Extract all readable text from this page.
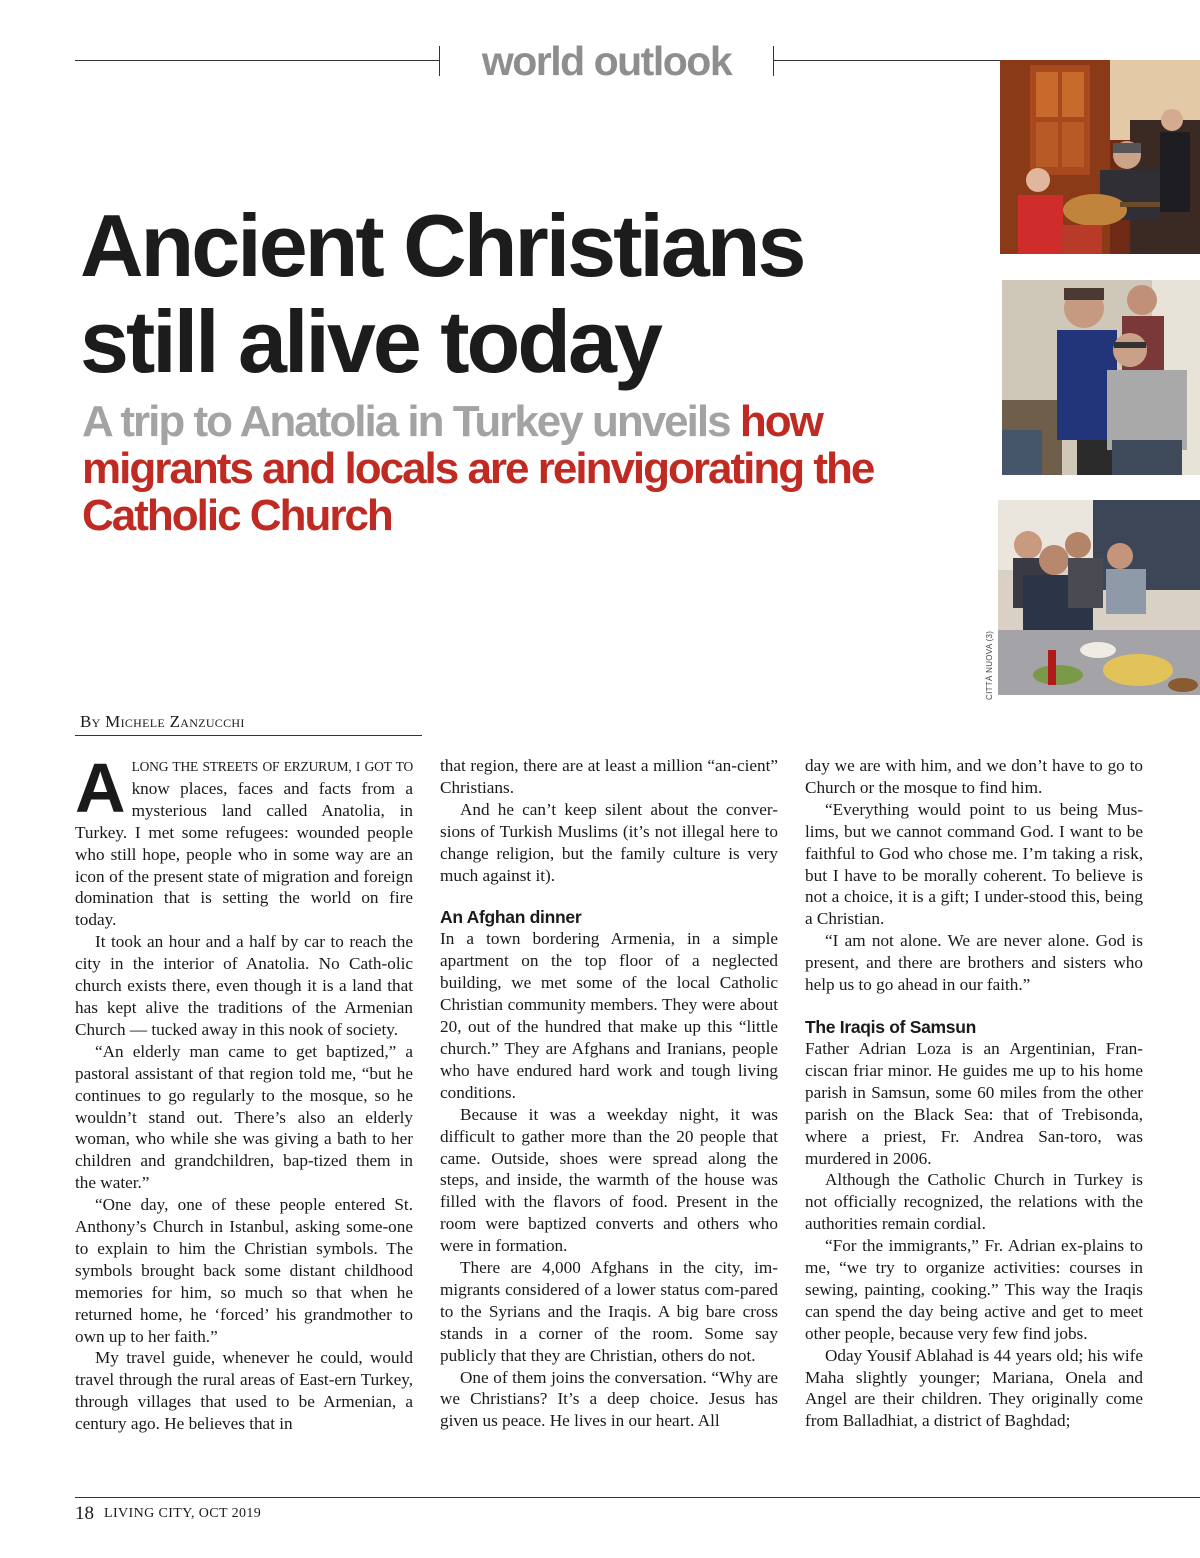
world outlook
Ancient Christians
still alive today
A trip to Anatolia in Turkey unveils how migrants and locals are reinvigorating the Catholic Church
CITTÀ NUOVA (3)
By Michele Zanzucchi

ALONG THE STREETS OF ERZURUM, I GOT TO know places, faces and facts from a mysterious land called Anatolia, in Turkey. I met some refugees: wounded people who still hope, people who in some way are an icon of the present state of migration and foreign domination that is setting the world on fire today.

It took an hour and a half by car to reach the city in the interior of Anatolia. No Cath-olic church exists there, even though it is a land that has kept alive the traditions of the Armenian Church — tucked away in this nook of society.

“An elderly man came to get baptized,” a pastoral assistant of that region told me, “but he continues to go regularly to the mosque, so he wouldn’t stand out. There’s also an elderly woman, who while she was giving a bath to her children and grandchildren, bap-tized them in the water.”

“One day, one of these people entered St. Anthony’s Church in Istanbul, asking some-one to explain to him the Christian symbols. The symbols brought back some distant childhood memories for him, so much so that when he returned home, he ‘forced’ his grandmother to own up to her faith.”

My travel guide, whenever he could, would travel through the rural areas of East-ern Turkey, through villages that used to be Armenian, a century ago. He believes that in

that region, there are at least a million “an-cient” Christians.

And he can’t keep silent about the conver-sions of Turkish Muslims (it’s not illegal here to change religion, but the family culture is very much against it).

An Afghan dinner

In a town bordering Armenia, in a simple apartment on the top floor of a neglected building, we met some of the local Catholic Christian community members. They were about 20, out of the hundred that make up this “little church.” They are Afghans and Iranians, people who have endured hard work and tough living conditions.

Because it was a weekday night, it was difficult to gather more than the 20 people that came. Outside, shoes were spread along the steps, and inside, the warmth of the house was filled with the flavors of food. Present in the room were baptized converts and others who were in formation.

There are 4,000 Afghans in the city, im-migrants considered of a lower status com-pared to the Syrians and the Iraqis. A big bare cross stands in a corner of the room. Some say publicly that they are Christian, others do not.

One of them joins the conversation. “Why are we Christians? It’s a deep choice. Jesus has given us peace. He lives in our heart. All

day we are with him, and we don’t have to go to Church or the mosque to find him.

“Everything would point to us being Mus-lims, but we cannot command God. I want to be faithful to God who chose me. I’m taking a risk, but I have to be morally coherent. To believe is not a choice, it is a gift; I under-stood this, being a Christian.

“I am not alone. We are never alone. God is present, and there are brothers and sisters who help us to go ahead in our faith.”

The Iraqis of Samsun

Father Adrian Loza is an Argentinian, Fran-ciscan friar minor. He guides me up to his home parish in Samsun, some 60 miles from the other parish on the Black Sea: that of Trebisonda, where a priest, Fr. Andrea San-toro, was murdered in 2006.

Although the Catholic Church in Turkey is not officially recognized, the relations with the authorities remain cordial.

“For the immigrants,” Fr. Adrian ex-plains to me, “we try to organize activities: courses in sewing, painting, cooking.” This way the Iraqis can spend the day being active and get to meet other people, because very few find jobs.

Oday Yousif Ablahad is 44 years old; his wife Maha slightly younger; Mariana, Onela and Angel are their children. They originally come from Balladhiat, a district of Baghdad;

18 LIVING CITY, OCT 2019
